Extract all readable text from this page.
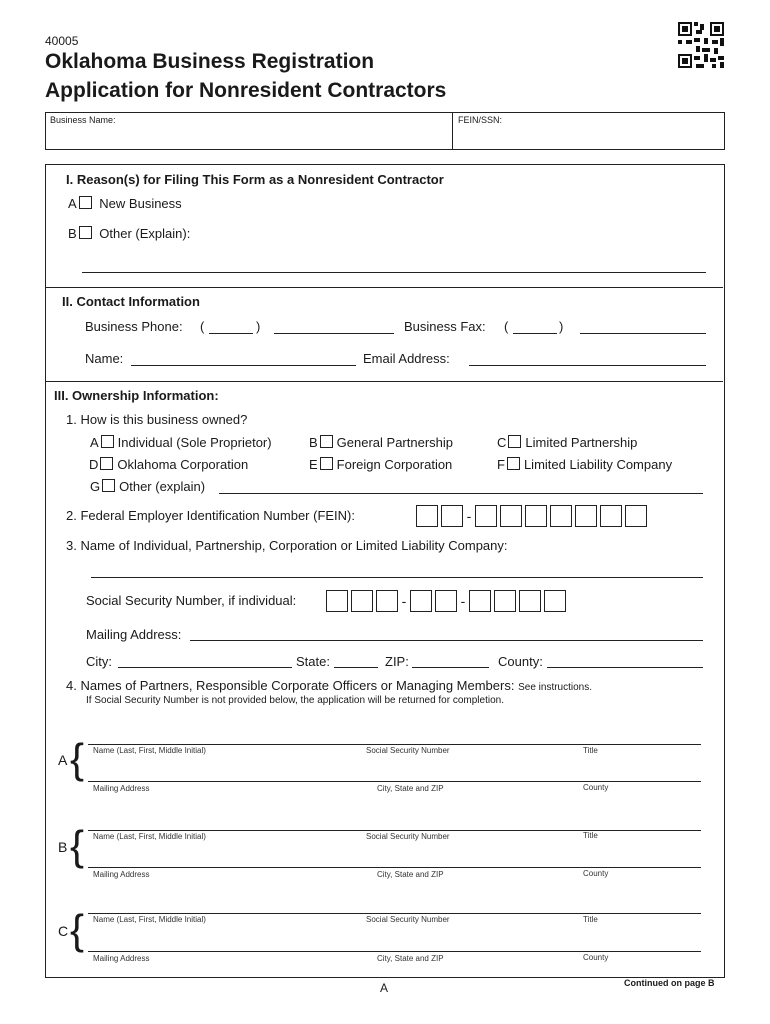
40005
Oklahoma Business Registration
Application for Nonresident Contractors
Business Name:	FEIN/SSN:
I. Reason(s) for Filing This Form as a Nonresident Contractor
A New Business
B Other (Explain):
II. Contact Information
Business Phone: (	)	Business Fax: (	)
Name:	Email Address:
III. Ownership Information:
1. How is this business owned?
A Individual (Sole Proprietor)	B General Partnership	C Limited Partnership
D Oklahoma Corporation	E Foreign Corporation	F Limited Liability Company
G Other (explain)
2. Federal Employer Identification Number (FEIN):	-
3. Name of Individual, Partnership, Corporation or Limited Liability Company:
Social Security Number, if individual:	-	-
Mailing Address:
City:	State:	ZIP:	County:
4. Names of Partners, Responsible Corporate Officers or Managing Members: See instructions.
If Social Security Number is not provided below, the application will be returned for completion.
A { Name (Last, First, Middle Initial)	Social Security Number	Title
Mailing Address	City, State and ZIP	County
B { Name (Last, First, Middle Initial)	Social Security Number	Title
Mailing Address	City, State and ZIP	County
C { Name (Last, First, Middle Initial)	Social Security Number	Title
Mailing Address	City, State and ZIP	County
A	Continued on page B
